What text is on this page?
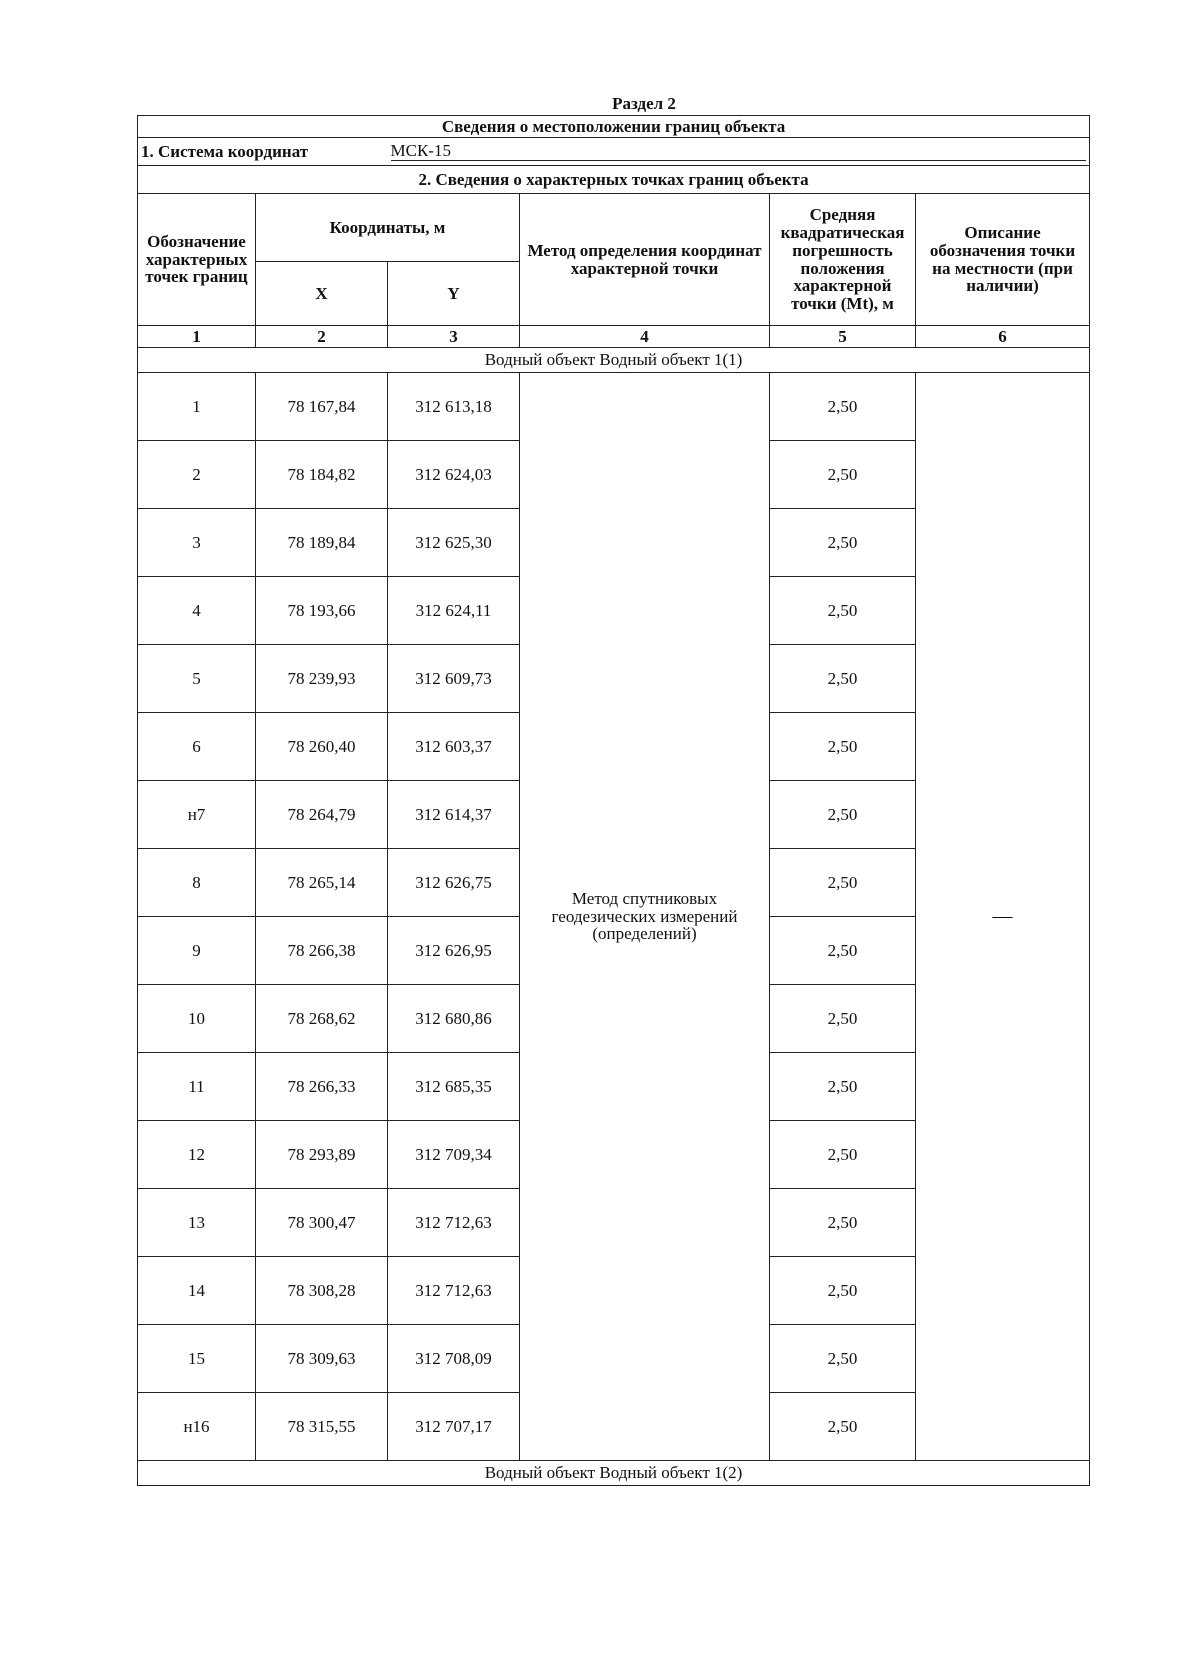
Раздел 2
Сведения о местоположении границ объекта					
1. Система координат		МСК-15			
2. Сведения о характерных точках границ объекта					
Обозначение характерных точек границ	Координаты, м		Метод определения координат характерной точки	Средняя квадратическая погрешность положения характерной точки (Mt), м	Описание обозначения точки на местности (при наличии)
	X	Y			
1	2	3	4	5	6
Водный объект Водный объект 1(1)					
1	78 167,84	312 613,18	Метод спутниковых геодезических измерений (определений)	2,50	—
2	78 184,82	312 624,03		2,50	
3	78 189,84	312 625,30		2,50	
4	78 193,66	312 624,11		2,50	
5	78 239,93	312 609,73		2,50	
6	78 260,40	312 603,37		2,50	
н7	78 264,79	312 614,37		2,50	
8	78 265,14	312 626,75		2,50	
9	78 266,38	312 626,95		2,50	
10	78 268,62	312 680,86		2,50	
11	78 266,33	312 685,35		2,50	
12	78 293,89	312 709,34		2,50	
13	78 300,47	312 712,63		2,50	
14	78 308,28	312 712,63		2,50	
15	78 309,63	312 708,09		2,50	
н16	78 315,55	312 707,17		2,50	
Водный объект Водный объект 1(2)					
